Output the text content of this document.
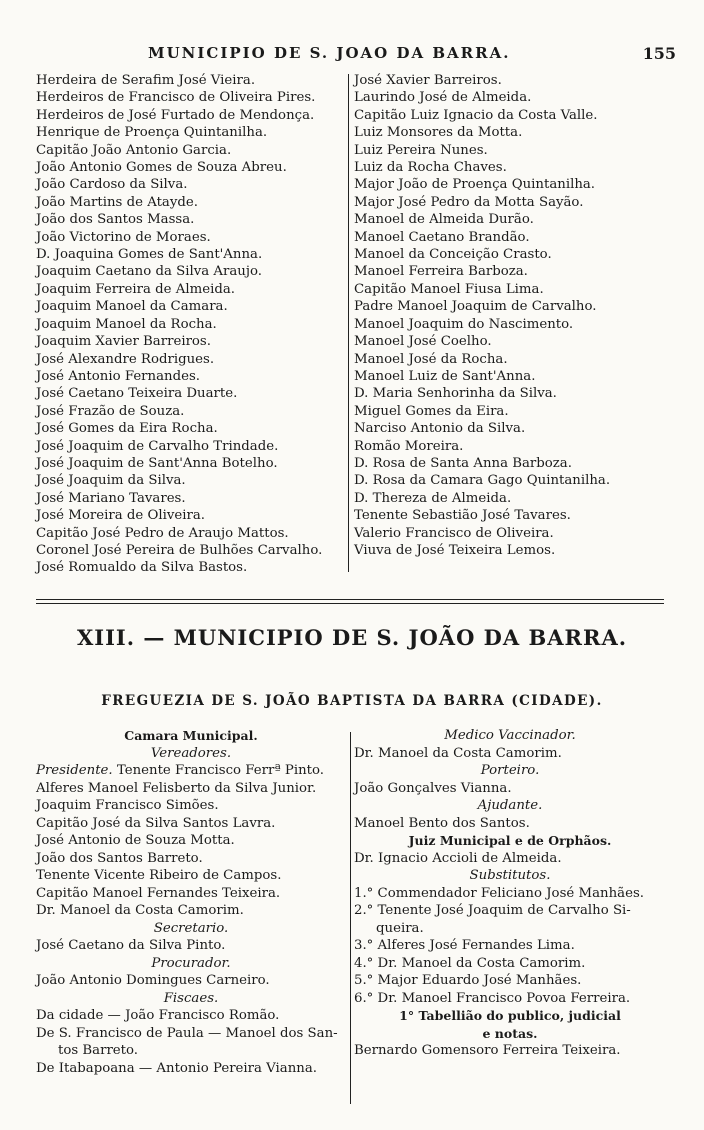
MUNICIPIO DE S. JOAO DA BARRA.	155
Herdeira de Serafim José Vieira.
Herdeiros de Francisco de Oliveira Pires.
Herdeiros de José Furtado de Mendonça.
Henrique de Proença Quintanilha.
Capitão João Antonio Garcia.
João Antonio Gomes de Souza Abreu.
João Cardoso da Silva.
João Martins de Atayde.
João dos Santos Massa.
João Victorino de Moraes.
D. Joaquina Gomes de Sant'Anna.
Joaquim Caetano da Silva Araujo.
Joaquim Ferreira de Almeida.
Joaquim Manoel da Camara.
Joaquim Manoel da Rocha.
Joaquim Xavier Barreiros.
José Alexandre Rodrigues.
José Antonio Fernandes.
José Caetano Teixeira Duarte.
José Frazão de Souza.
José Gomes da Eira Rocha.
José Joaquim de Carvalho Trindade.
José Joaquim de Sant'Anna Botelho.
José Joaquim da Silva.
José Mariano Tavares.
José Moreira de Oliveira.
Capitão José Pedro de Araujo Mattos.
Coronel José Pereira de Bulhões Carvalho.
José Romualdo da Silva Bastos.
José Xavier Barreiros.
Laurindo José de Almeida.
Capitão Luiz Ignacio da Costa Valle.
Luiz Monsores da Motta.
Luiz Pereira Nunes.
Luiz da Rocha Chaves.
Major João de Proença Quintanilha.
Major José Pedro da Motta Sayão.
Manoel de Almeida Durão.
Manoel Caetano Brandão.
Manoel da Conceição Crasto.
Manoel Ferreira Barboza.
Capitão Manoel Fiusa Lima.
Padre Manoel Joaquim de Carvalho.
Manoel Joaquim do Nascimento.
Manoel José Coelho.
Manoel José da Rocha.
Manoel Luiz de Sant'Anna.
D. Maria Senhorinha da Silva.
Miguel Gomes da Eira.
Narciso Antonio da Silva.
Romão Moreira.
D. Rosa de Santa Anna Barboza.
D. Rosa da Camara Gago Quintanilha.
D. Thereza de Almeida.
Tenente Sebastião José Tavares.
Valerio Francisco de Oliveira.
Viuva de José Teixeira Lemos.
XIII. — MUNICIPIO DE S. JOÃO DA BARRA.
FREGUEZIA DE S. JOÃO BAPTISTA DA BARRA (CIDADE).
Camara Municipal.
Vereadores.
Presidente. Tenente Francisco Ferrª Pinto.
Alferes Manoel Felisberto da Silva Junior.
Joaquim Francisco Simões.
Capitão José da Silva Santos Lavra.
José Antonio de Souza Motta.
João dos Santos Barreto.
Tenente Vicente Ribeiro de Campos.
Capitão Manoel Fernandes Teixeira.
Dr. Manoel da Costa Camorim.
Secretario.
José Caetano da Silva Pinto.
Procurador.
João Antonio Domingues Carneiro.
Fiscaes.
Da cidade — João Francisco Romão.
De S. Francisco de Paula — Manoel dos San-
tos Barreto.
De Itabapoana — Antonio Pereira Vianna.
Medico Vaccinador.
Dr. Manoel da Costa Camorim.
Porteiro.
João Gonçalves Vianna.
Ajudante.
Manoel Bento dos Santos.
Juiz Municipal e de Orphãos.
Dr. Ignacio Accioli de Almeida.
Substitutos.
1.° Commendador Feliciano José Manhães.
2.° Tenente José Joaquim de Carvalho Si-
queira.
3.° Alferes José Fernandes Lima.
4.° Dr. Manoel da Costa Camorim.
5.° Major Eduardo José Manhães.
6.° Dr. Manoel Francisco Povoa Ferreira.
1° Tabellião do publico, judicial
e notas.
Bernardo Gomensoro Ferreira Teixeira.
